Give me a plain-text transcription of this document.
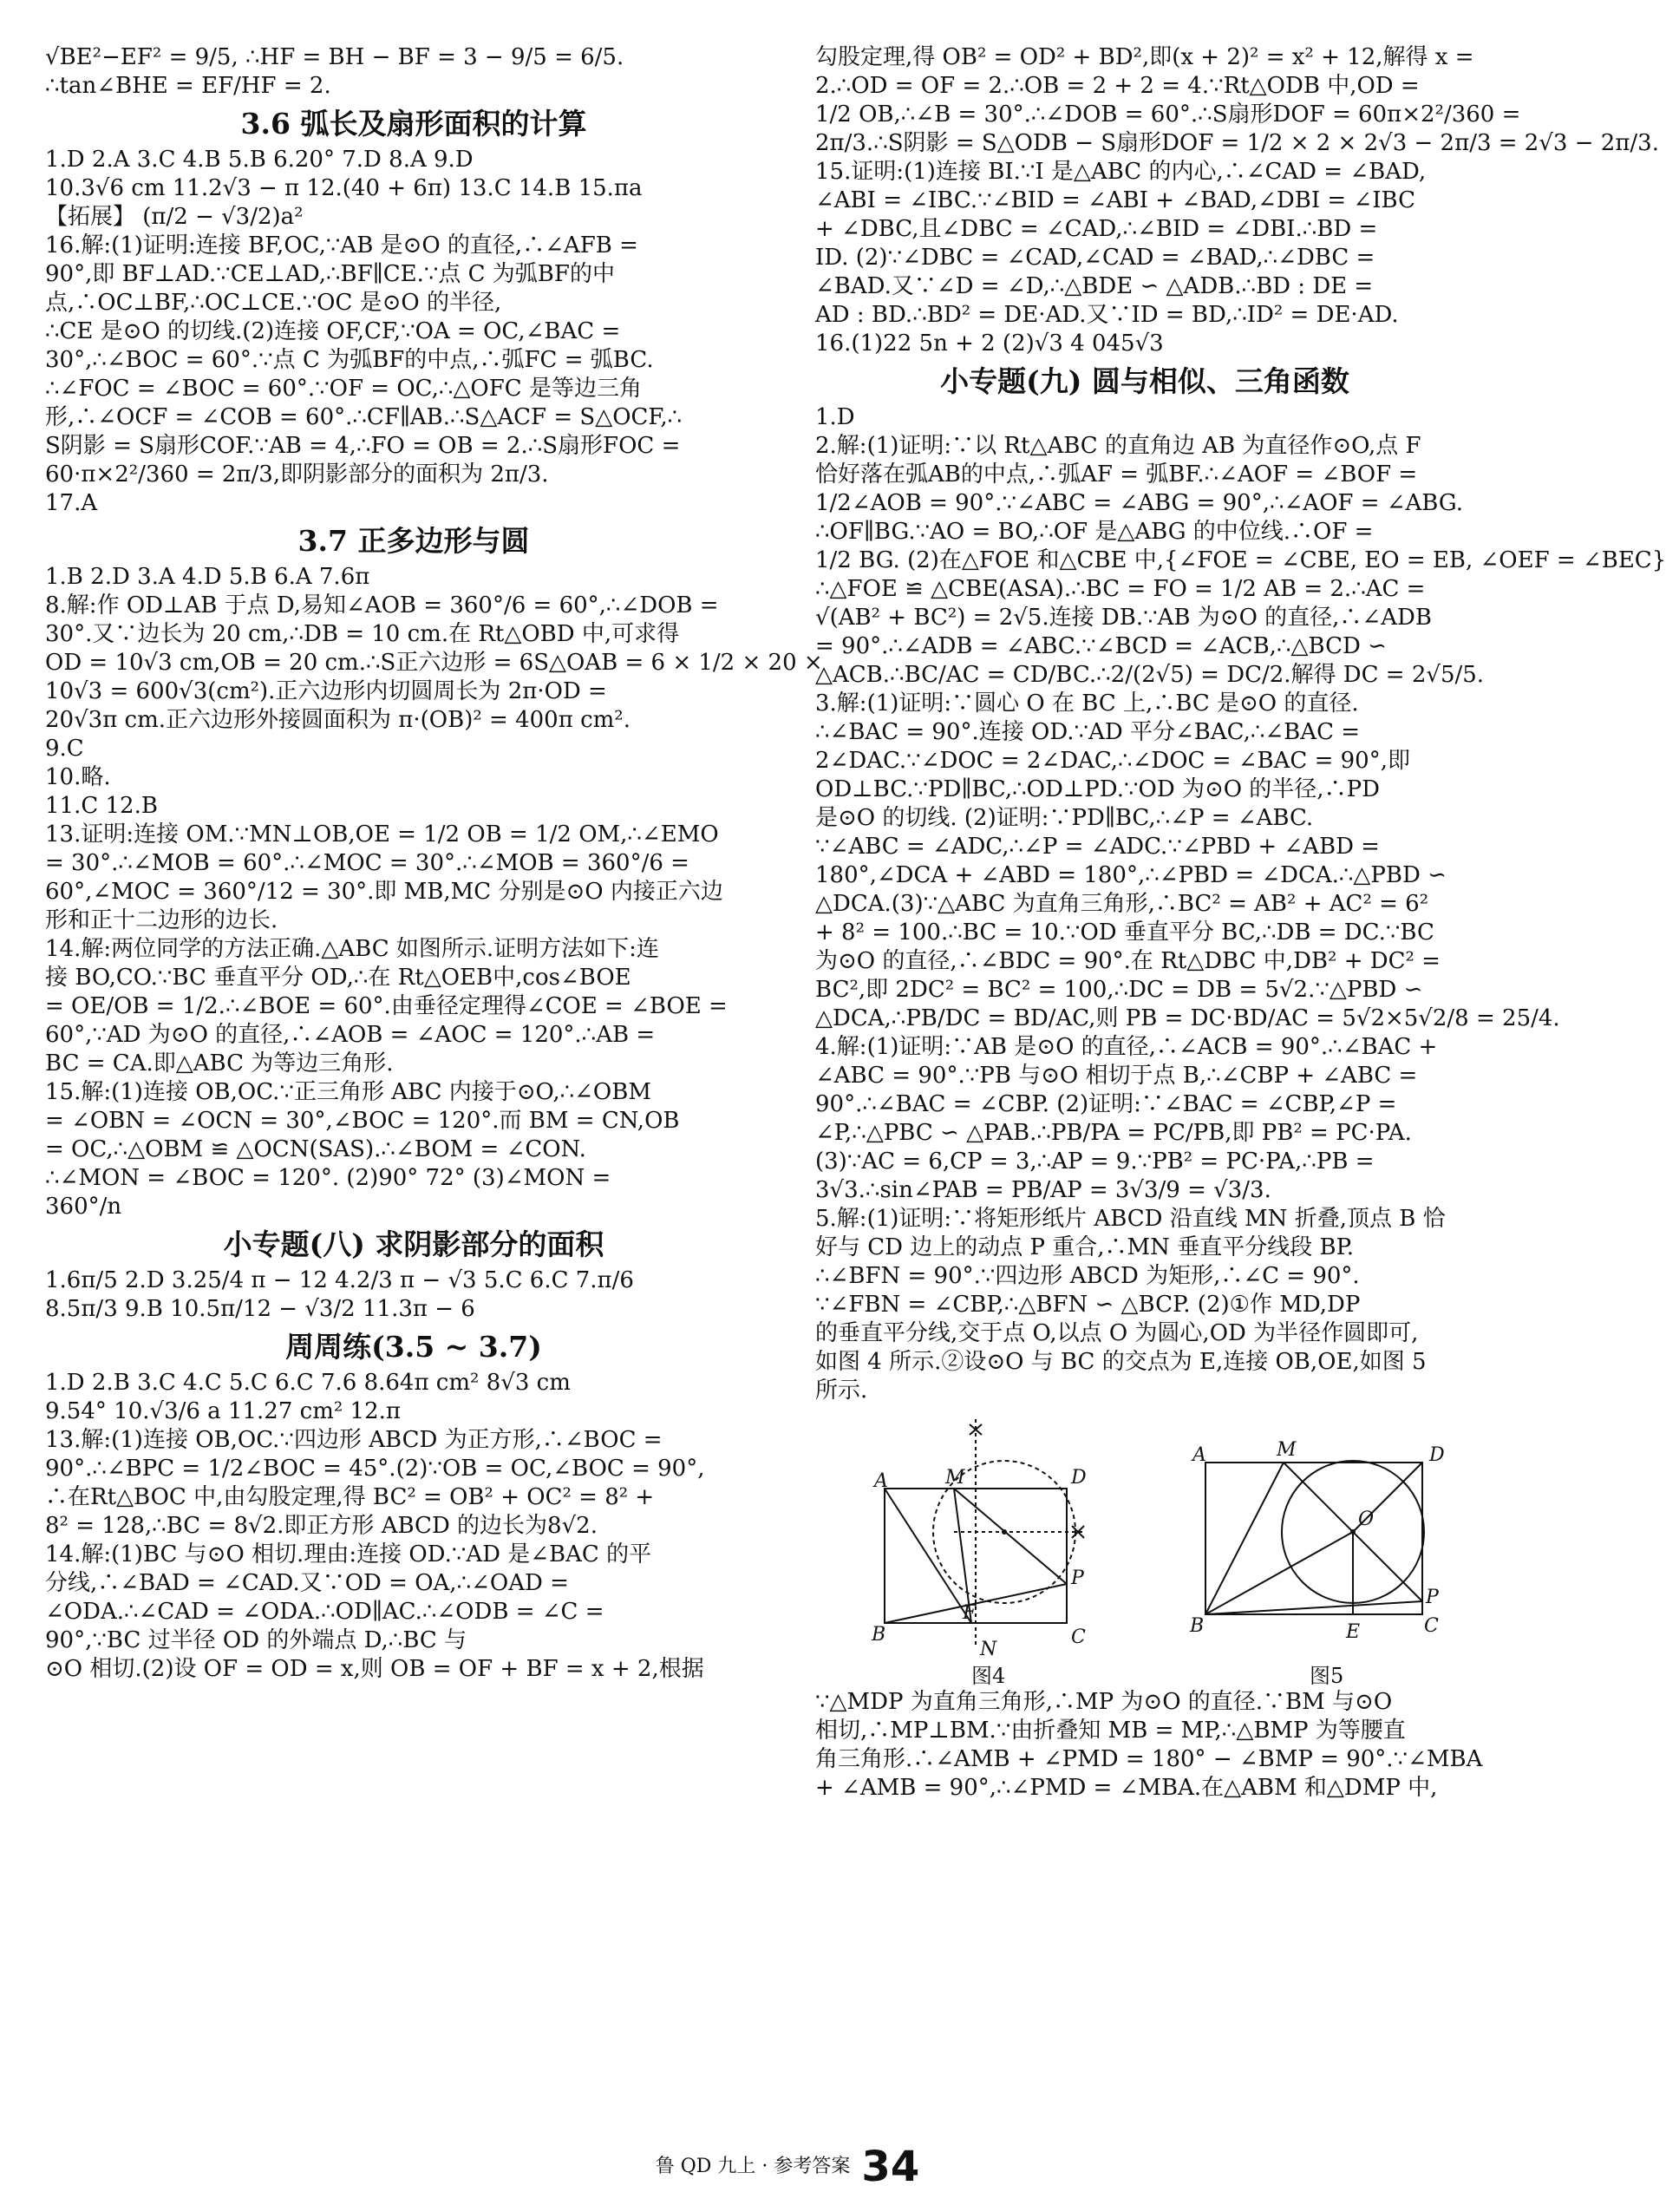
√BE²−EF² = 9/5, ∴HF = BH − BF = 3 − 9/5 = 6/5.
∴tan∠BHE = EF/HF = 2.
3.6 弧长及扇形面积的计算
1.D 2.A 3.C 4.B 5.B 6.20° 7.D 8.A 9.D
10.3√6 cm 11.2√3 − π 12.(40 + 6π) 13.C 14.B 15.πa
【拓展】 (π/2 − √3/2)a²
16.解:(1)证明:连接 BF,OC,∵AB 是⊙O 的直径,∴∠AFB =
90°,即 BF⊥AD.∵CE⊥AD,∴BF∥CE.∵点 C 为弧BF的中
点,∴OC⊥BF,∴OC⊥CE.∵OC 是⊙O 的半径,
∴CE 是⊙O 的切线.(2)连接 OF,CF,∵OA = OC,∠BAC =
30°,∴∠BOC = 60°.∵点 C 为弧BF的中点,∴弧FC = 弧BC.
∴∠FOC = ∠BOC = 60°.∵OF = OC,∴△OFC 是等边三角
形,∴∠OCF = ∠COB = 60°.∴CF∥AB.∴S△ACF = S△OCF,∴
S阴影 = S扇形COF.∵AB = 4,∴FO = OB = 2.∴S扇形FOC =
60·π×2²/360 = 2π/3,即阴影部分的面积为 2π/3.
17.A
3.7 正多边形与圆
1.B 2.D 3.A 4.D 5.B 6.A 7.6π
8.解:作 OD⊥AB 于点 D,易知∠AOB = 360°/6 = 60°,∴∠DOB =
30°.又∵边长为 20 cm,∴DB = 10 cm.在 Rt△OBD 中,可求得
OD = 10√3 cm,OB = 20 cm.∴S正六边形 = 6S△OAB = 6 × 1/2 × 20 ×
10√3 = 600√3(cm²).正六边形内切圆周长为 2π·OD =
20√3π cm.正六边形外接圆面积为 π·(OB)² = 400π cm².
9.C
10.略.
11.C 12.B
13.证明:连接 OM.∵MN⊥OB,OE = 1/2 OB = 1/2 OM,∴∠EMO
= 30°.∴∠MOB = 60°.∴∠MOC = 30°.∴∠MOB = 360°/6 =
60°,∠MOC = 360°/12 = 30°.即 MB,MC 分别是⊙O 内接正六边
形和正十二边形的边长.
14.解:两位同学的方法正确.△ABC 如图所示.证明方法如下:连
接 BO,CO.∵BC 垂直平分 OD,∴在 Rt△OEB中,cos∠BOE
= OE/OB = 1/2.∴∠BOE = 60°.由垂径定理得∠COE = ∠BOE =
60°,∵AD 为⊙O 的直径,∴∠AOB = ∠AOC = 120°.∴AB =
BC = CA.即△ABC 为等边三角形.
15.解:(1)连接 OB,OC.∵正三角形 ABC 内接于⊙O,∴∠OBM
= ∠OBN = ∠OCN = 30°,∠BOC = 120°.而 BM = CN,OB
= OC,∴△OBM ≌ △OCN(SAS).∴∠BOM = ∠CON.
∴∠MON = ∠BOC = 120°. (2)90° 72° (3)∠MON =
360°/n
小专题(八) 求阴影部分的面积
1.6π/5 2.D 3.25/4 π − 12 4.2/3 π − √3 5.C 6.C 7.π/6
8.5π/3 9.B 10.5π/12 − √3/2 11.3π − 6
周周练(3.5 ~ 3.7)
1.D 2.B 3.C 4.C 5.C 6.C 7.6 8.64π cm² 8√3 cm
9.54° 10.√3/6 a 11.27 cm² 12.π
13.解:(1)连接 OB,OC.∵四边形 ABCD 为正方形,∴∠BOC =
90°.∴∠BPC = 1/2∠BOC = 45°.(2)∵OB = OC,∠BOC = 90°,
∴在Rt△BOC 中,由勾股定理,得 BC² = OB² + OC² = 8² +
8² = 128,∴BC = 8√2.即正方形 ABCD 的边长为8√2.
14.解:(1)BC 与⊙O 相切.理由:连接 OD.∵AD 是∠BAC 的平
分线,∴∠BAD = ∠CAD.又∵OD = OA,∴∠OAD =
∠ODA.∴∠CAD = ∠ODA.∴OD∥AC.∴∠ODB = ∠C =
90°,∵BC 过半径 OD 的外端点 D,∴BC 与
⊙O 相切.(2)设 OF = OD = x,则 OB = OF + BF = x + 2,根据
勾股定理,得 OB² = OD² + BD²,即(x + 2)² = x² + 12,解得 x =
2.∴OD = OF = 2.∴OB = 2 + 2 = 4.∵Rt△ODB 中,OD =
1/2 OB,∴∠B = 30°.∴∠DOB = 60°.∴S扇形DOF = 60π×2²/360 =
2π/3.∴S阴影 = S△ODB − S扇形DOF = 1/2 × 2 × 2√3 − 2π/3 = 2√3 − 2π/3.
15.证明:(1)连接 BI.∵I 是△ABC 的内心,∴∠CAD = ∠BAD,
∠ABI = ∠IBC.∵∠BID = ∠ABI + ∠BAD,∠DBI = ∠IBC
+ ∠DBC,且∠DBC = ∠CAD,∴∠BID = ∠DBI.∴BD =
ID. (2)∵∠DBC = ∠CAD,∠CAD = ∠BAD,∴∠DBC =
∠BAD.又∵∠D = ∠D,∴△BDE ∽ △ADB.∴BD : DE =
AD : BD.∴BD² = DE·AD.又∵ID = BD,∴ID² = DE·AD.
16.(1)22 5n + 2 (2)√3 4 045√3
小专题(九) 圆与相似、三角函数
1.D
2.解:(1)证明:∵以 Rt△ABC 的直角边 AB 为直径作⊙O,点 F
恰好落在弧AB的中点,∴弧AF = 弧BF.∴∠AOF = ∠BOF =
1/2∠AOB = 90°.∵∠ABC = ∠ABG = 90°,∴∠AOF = ∠ABG.
∴OF∥BG.∵AO = BO,∴OF 是△ABG 的中位线.∴OF =
1/2 BG. (2)在△FOE 和△CBE 中,{∠FOE = ∠CBE, EO = EB, ∠OEF = ∠BEC}
∴△FOE ≌ △CBE(ASA).∴BC = FO = 1/2 AB = 2.∴AC =
√(AB² + BC²) = 2√5.连接 DB.∵AB 为⊙O 的直径,∴∠ADB
= 90°.∴∠ADB = ∠ABC.∵∠BCD = ∠ACB,∴△BCD ∽
△ACB.∴BC/AC = CD/BC.∴2/(2√5) = DC/2.解得 DC = 2√5/5.
3.解:(1)证明:∵圆心 O 在 BC 上,∴BC 是⊙O 的直径.
∴∠BAC = 90°.连接 OD.∵AD 平分∠BAC,∴∠BAC =
2∠DAC.∵∠DOC = 2∠DAC,∴∠DOC = ∠BAC = 90°,即
OD⊥BC.∵PD∥BC,∴OD⊥PD.∵OD 为⊙O 的半径,∴PD
是⊙O 的切线. (2)证明:∵PD∥BC,∴∠P = ∠ABC.
∵∠ABC = ∠ADC,∴∠P = ∠ADC.∵∠PBD + ∠ABD =
180°,∠DCA + ∠ABD = 180°,∴∠PBD = ∠DCA.∴△PBD ∽
△DCA.(3)∵△ABC 为直角三角形,∴BC² = AB² + AC² = 6²
+ 8² = 100.∴BC = 10.∵OD 垂直平分 BC,∴DB = DC.∵BC
为⊙O 的直径,∴∠BDC = 90°.在 Rt△DBC 中,DB² + DC² =
BC²,即 2DC² = BC² = 100,∴DC = DB = 5√2.∵△PBD ∽
△DCA,∴PB/DC = BD/AC,则 PB = DC·BD/AC = 5√2×5√2/8 = 25/4.
4.解:(1)证明:∵AB 是⊙O 的直径,∴∠ACB = 90°.∴∠BAC +
∠ABC = 90°.∵PB 与⊙O 相切于点 B,∴∠CBP + ∠ABC =
90°.∴∠BAC = ∠CBP. (2)证明:∵∠BAC = ∠CBP,∠P =
∠P,∴△PBC ∽ △PAB.∴PB/PA = PC/PB,即 PB² = PC·PA.
(3)∵AC = 6,CP = 3,∴AP = 9.∵PB² = PC·PA,∴PB =
3√3.∴sin∠PAB = PB/AP = 3√3/9 = √3/3.
5.解:(1)证明:∵将矩形纸片 ABCD 沿直线 MN 折叠,顶点 B 恰
好与 CD 边上的动点 P 重合,∴MN 垂直平分线段 BP.
∴∠BFN = 90°.∵四边形 ABCD 为矩形,∴∠C = 90°.
∵∠FBN = ∠CBP,∴△BFN ∽ △BCP. (2)①作 MD,DP
的垂直平分线,交于点 O,以点 O 为圆心,OD 为半径作圆即可,
如图 4 所示.②设⊙O 与 BC 的交点为 E,连接 OB,OE,如图 5
所示.
A	M	D
B	C
P
F
N
A	M	D
B	E	C
P
O
图4	图5
∵△MDP 为直角三角形,∴MP 为⊙O 的直径.∵BM 与⊙O
相切,∴MP⊥BM.∵由折叠知 MB = MP,∴△BMP 为等腰直
角三角形.∴∠AMB + ∠PMD = 180° − ∠BMP = 90°.∵∠MBA
+ ∠AMB = 90°,∴∠PMD = ∠MBA.在△ABM 和△DMP 中,
鲁 QD 九上 · 参考答案 34
